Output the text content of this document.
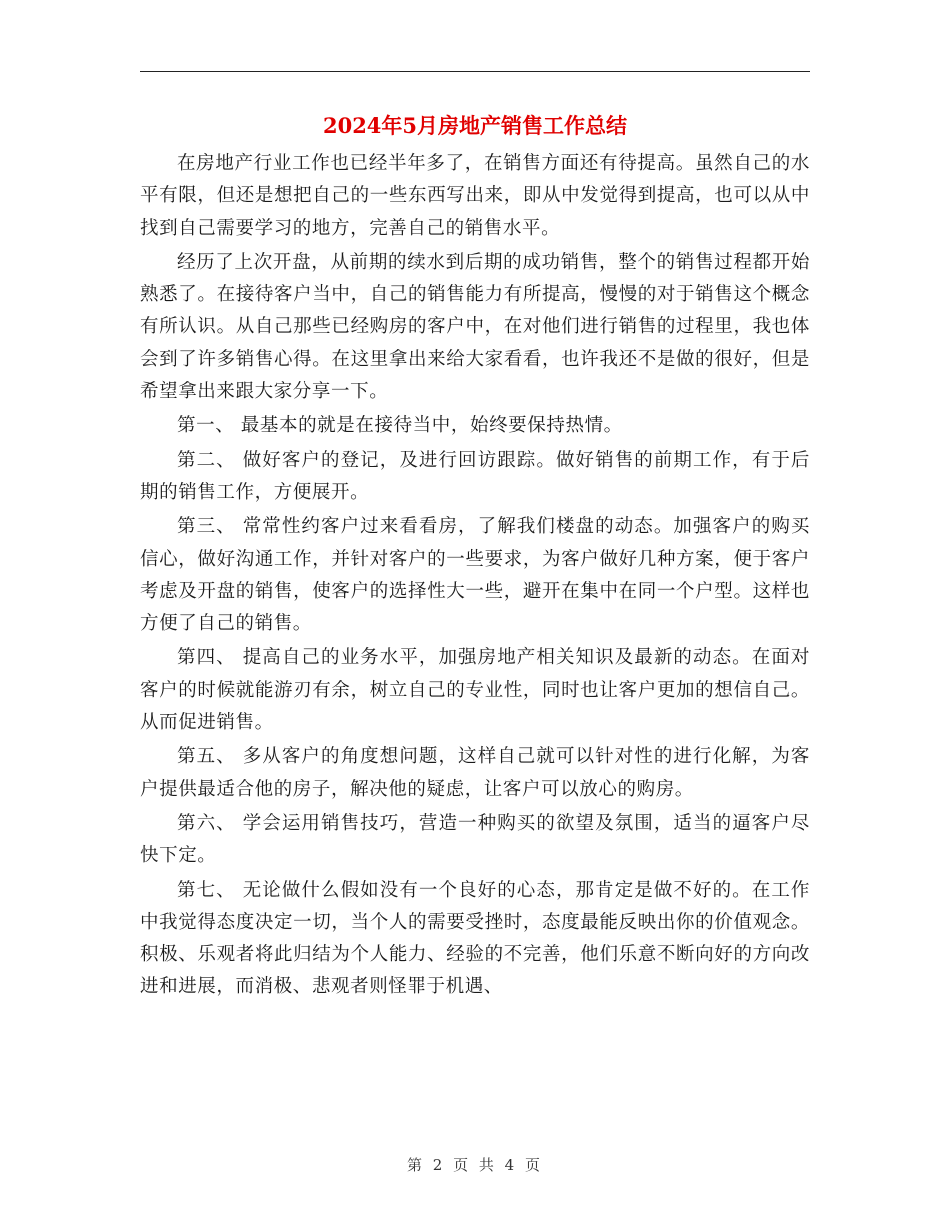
2024年5月房地产销售工作总结

在房地产行业工作也已经半年多了，在销售方面还有待提高。虽然自己的水平有限，但还是想把自己的一些东西写出来，即从中发觉得到提高，也可以从中找到自己需要学习的地方，完善自己的销售水平。

经历了上次开盘，从前期的续水到后期的成功销售，整个的销售过程都开始熟悉了。在接待客户当中，自己的销售能力有所提高，慢慢的对于销售这个概念有所认识。从自己那些已经购房的客户中，在对他们进行销售的过程里，我也体会到了许多销售心得。在这里拿出来给大家看看，也许我还不是做的很好，但是希望拿出来跟大家分享一下。

第一、 最基本的就是在接待当中，始终要保持热情。

第二、 做好客户的登记，及进行回访跟踪。做好销售的前期工作，有于后期的销售工作，方便展开。

第三、 常常性约客户过来看看房，了解我们楼盘的动态。加强客户的购买信心，做好沟通工作，并针对客户的一些要求，为客户做好几种方案，便于客户考虑及开盘的销售，使客户的选择性大一些，避开在集中在同一个户型。这样也方便了自己的销售。

第四、 提高自己的业务水平，加强房地产相关知识及最新的动态。在面对客户的时候就能游刃有余，树立自己的专业性，同时也让客户更加的想信自己。从而促进销售。

第五、 多从客户的角度想问题，这样自己就可以针对性的进行化解，为客户提供最适合他的房子，解决他的疑虑，让客户可以放心的购房。

第六、 学会运用销售技巧，营造一种购买的欲望及氛围，适当的逼客户尽快下定。

第七、 无论做什么假如没有一个良好的心态，那肯定是做不好的。在工作中我觉得态度决定一切，当个人的需要受挫时，态度最能反映出你的价值观念。积极、乐观者将此归结为个人能力、经验的不完善，他们乐意不断向好的方向改进和进展，而消极、悲观者则怪罪于机遇、

第 2 页 共 4 页
